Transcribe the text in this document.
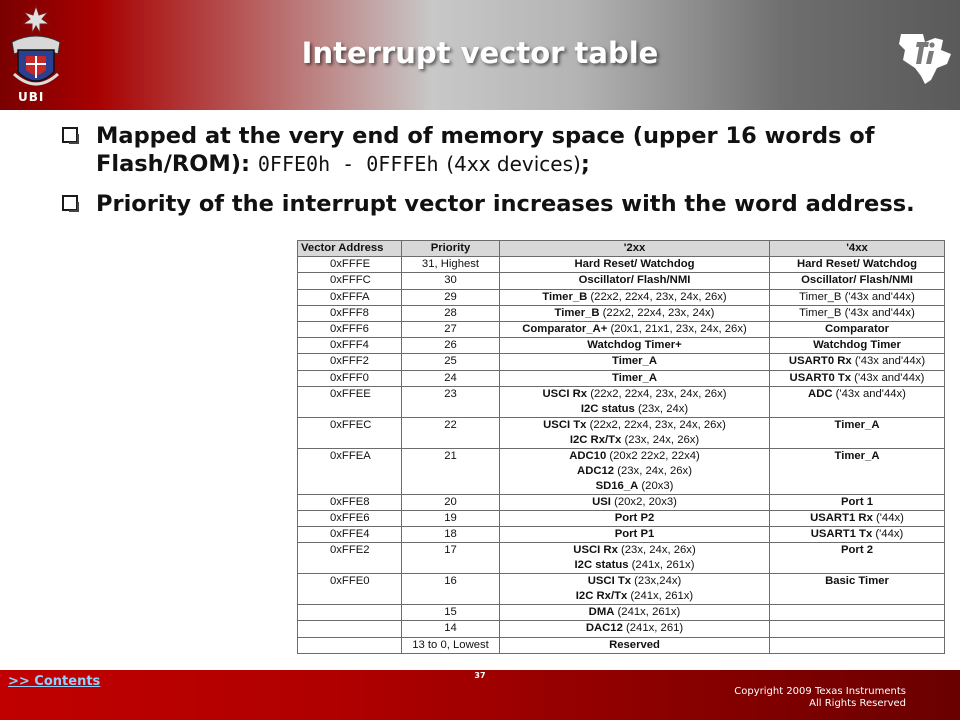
UBI
Interrupt vector table
Mapped at the very end of memory space (upper 16 words of Flash/ROM): 0FFE0h - 0FFFEh (4xx devices);
Priority of the interrupt vector increases with the word address.
Vector Address	Priority	'2xx	'4xx
0xFFFE	31, Highest	Hard Reset/ Watchdog	Hard Reset/ Watchdog

0xFFFC	30	Oscillator/ Flash/NMI	Oscillator/ Flash/NMI

0xFFFA	29	Timer_B (22x2, 22x4, 23x, 24x, 26x)	Timer_B ('43x and'44x)

0xFFF8	28	Timer_B (22x2, 22x4, 23x, 24x)	Timer_B ('43x and'44x)

0xFFF6	27	Comparator_A+ (20x1, 21x1, 23x, 24x, 26x)	Comparator

0xFFF4	26	Watchdog Timer+	Watchdog Timer

0xFFF2	25	Timer_A	USART0 Rx ('43x and'44x)

0xFFF0	24	Timer_A	USART0 Tx ('43x and'44x)

0xFFEE	23	USCI Rx (22x2, 22x4, 23x, 24x, 26x)
I2C status (23x, 24x)	ADC ('43x and'44x)

0xFFEC	22	USCI Tx (22x2, 22x4, 23x, 24x, 26x)
I2C Rx/Tx (23x, 24x, 26x)	Timer_A

0xFFEA	21	ADC10 (20x2 22x2, 22x4)
ADC12 (23x, 24x, 26x)
SD16_A (20x3)	Timer_A

0xFFE8	20	USI (20x2, 20x3)	Port 1

0xFFE6	19	Port P2	USART1 Rx ('44x)

0xFFE4	18	Port P1	USART1 Tx ('44x)

0xFFE2	17	USCI Rx (23x, 24x, 26x)
I2C status (241x, 261x)	Port 2

0xFFE0	16	USCI Tx (23x,24x)
I2C Rx/Tx (241x, 261x)	Basic Timer

	15	DMA (241x, 261x)	

	14	DAC12 (241x, 261)	

	13 to 0, Lowest	Reserved	

>> Contents	37
Copyright 2009 Texas Instruments
All Rights Reserved
